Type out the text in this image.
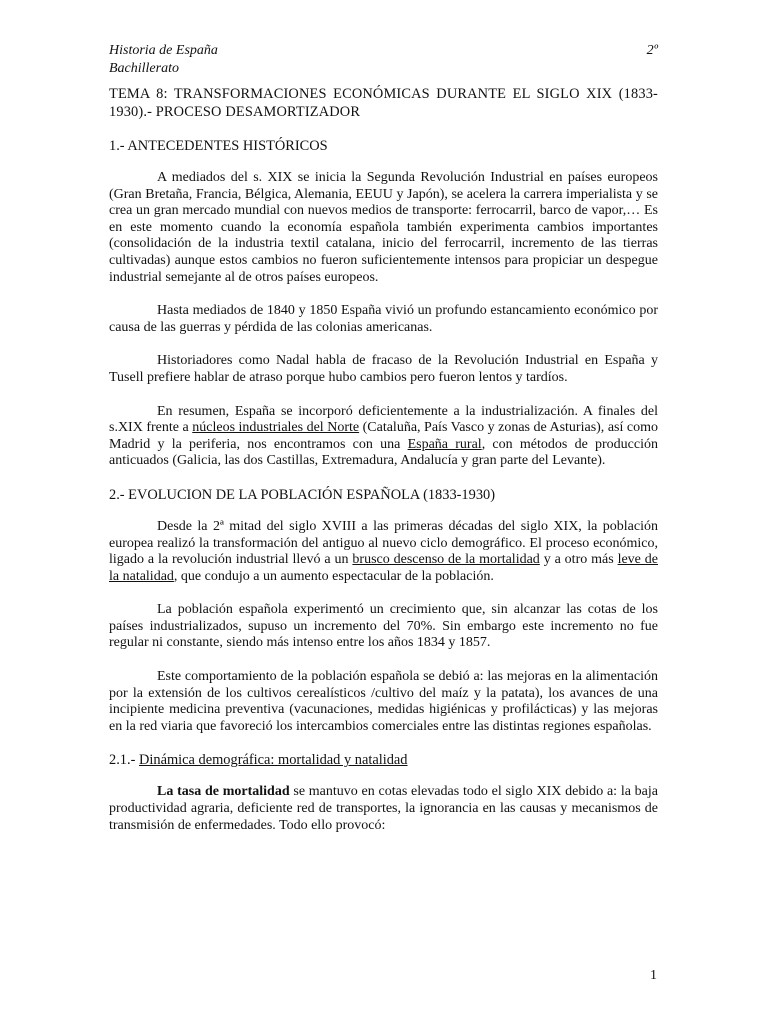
Historia de España
Bachillerato
2º
TEMA 8: TRANSFORMACIONES ECONÓMICAS DURANTE EL SIGLO XIX (1833-1930).- PROCESO DESAMORTIZADOR
1.- ANTECEDENTES HISTÓRICOS

A mediados del s. XIX se inicia la Segunda Revolución Industrial en países europeos (Gran Bretaña, Francia, Bélgica, Alemania, EEUU y Japón), se acelera la carrera imperialista y se crea un gran mercado mundial con nuevos medios de transporte: ferrocarril, barco de vapor,… Es en este momento cuando la economía española también experimenta cambios importantes (consolidación de la industria textil catalana, inicio del ferrocarril, incremento de las tierras cultivadas) aunque estos cambios no fueron suficientemente intensos para propiciar un despegue industrial semejante al de otros países europeos.

Hasta mediados de 1840 y 1850 España vivió un profundo estancamiento económico por causa de las guerras y pérdida de las colonias americanas.

Historiadores como Nadal habla de fracaso de la Revolución Industrial en España y Tusell prefiere hablar de atraso porque hubo cambios pero fueron lentos y tardíos.

En resumen, España se incorporó deficientemente a la industrialización. A finales del s.XIX frente a núcleos industriales del Norte (Cataluña, País Vasco y zonas de Asturias), así como Madrid y la periferia, nos encontramos con una España rural, con métodos de producción anticuados (Galicia, las dos Castillas, Extremadura, Andalucía y gran parte del Levante).

2.- EVOLUCION DE LA POBLACIÓN ESPAÑOLA (1833-1930)

Desde la 2ª mitad del siglo XVIII a las primeras décadas del siglo XIX, la población europea realizó la transformación del antiguo al nuevo ciclo demográfico. El proceso económico, ligado a la revolución industrial llevó a un brusco descenso de la mortalidad y a otro más leve de la natalidad, que condujo a un aumento espectacular de la población.

La población española experimentó un crecimiento que, sin alcanzar las cotas de los países industrializados, supuso un incremento del 70%. Sin embargo este incremento no fue regular ni constante, siendo más intenso entre los años 1834 y 1857.

Este comportamiento de la población española se debió a: las mejoras en la alimentación por la extensión de los cultivos cerealísticos /cultivo del maíz y la patata), los avances de una incipiente medicina preventiva (vacunaciones, medidas higiénicas y profilácticas) y las mejoras en la red viaria que favoreció los intercambios comerciales entre las distintas regiones españolas.

2.1.- Dinámica demográfica: mortalidad y natalidad

La tasa de mortalidad se mantuvo en cotas elevadas todo el siglo XIX debido a: la baja productividad agraria, deficiente red de transportes, la ignorancia en las causas y mecanismos de transmisión de enfermedades. Todo ello provocó:

1
